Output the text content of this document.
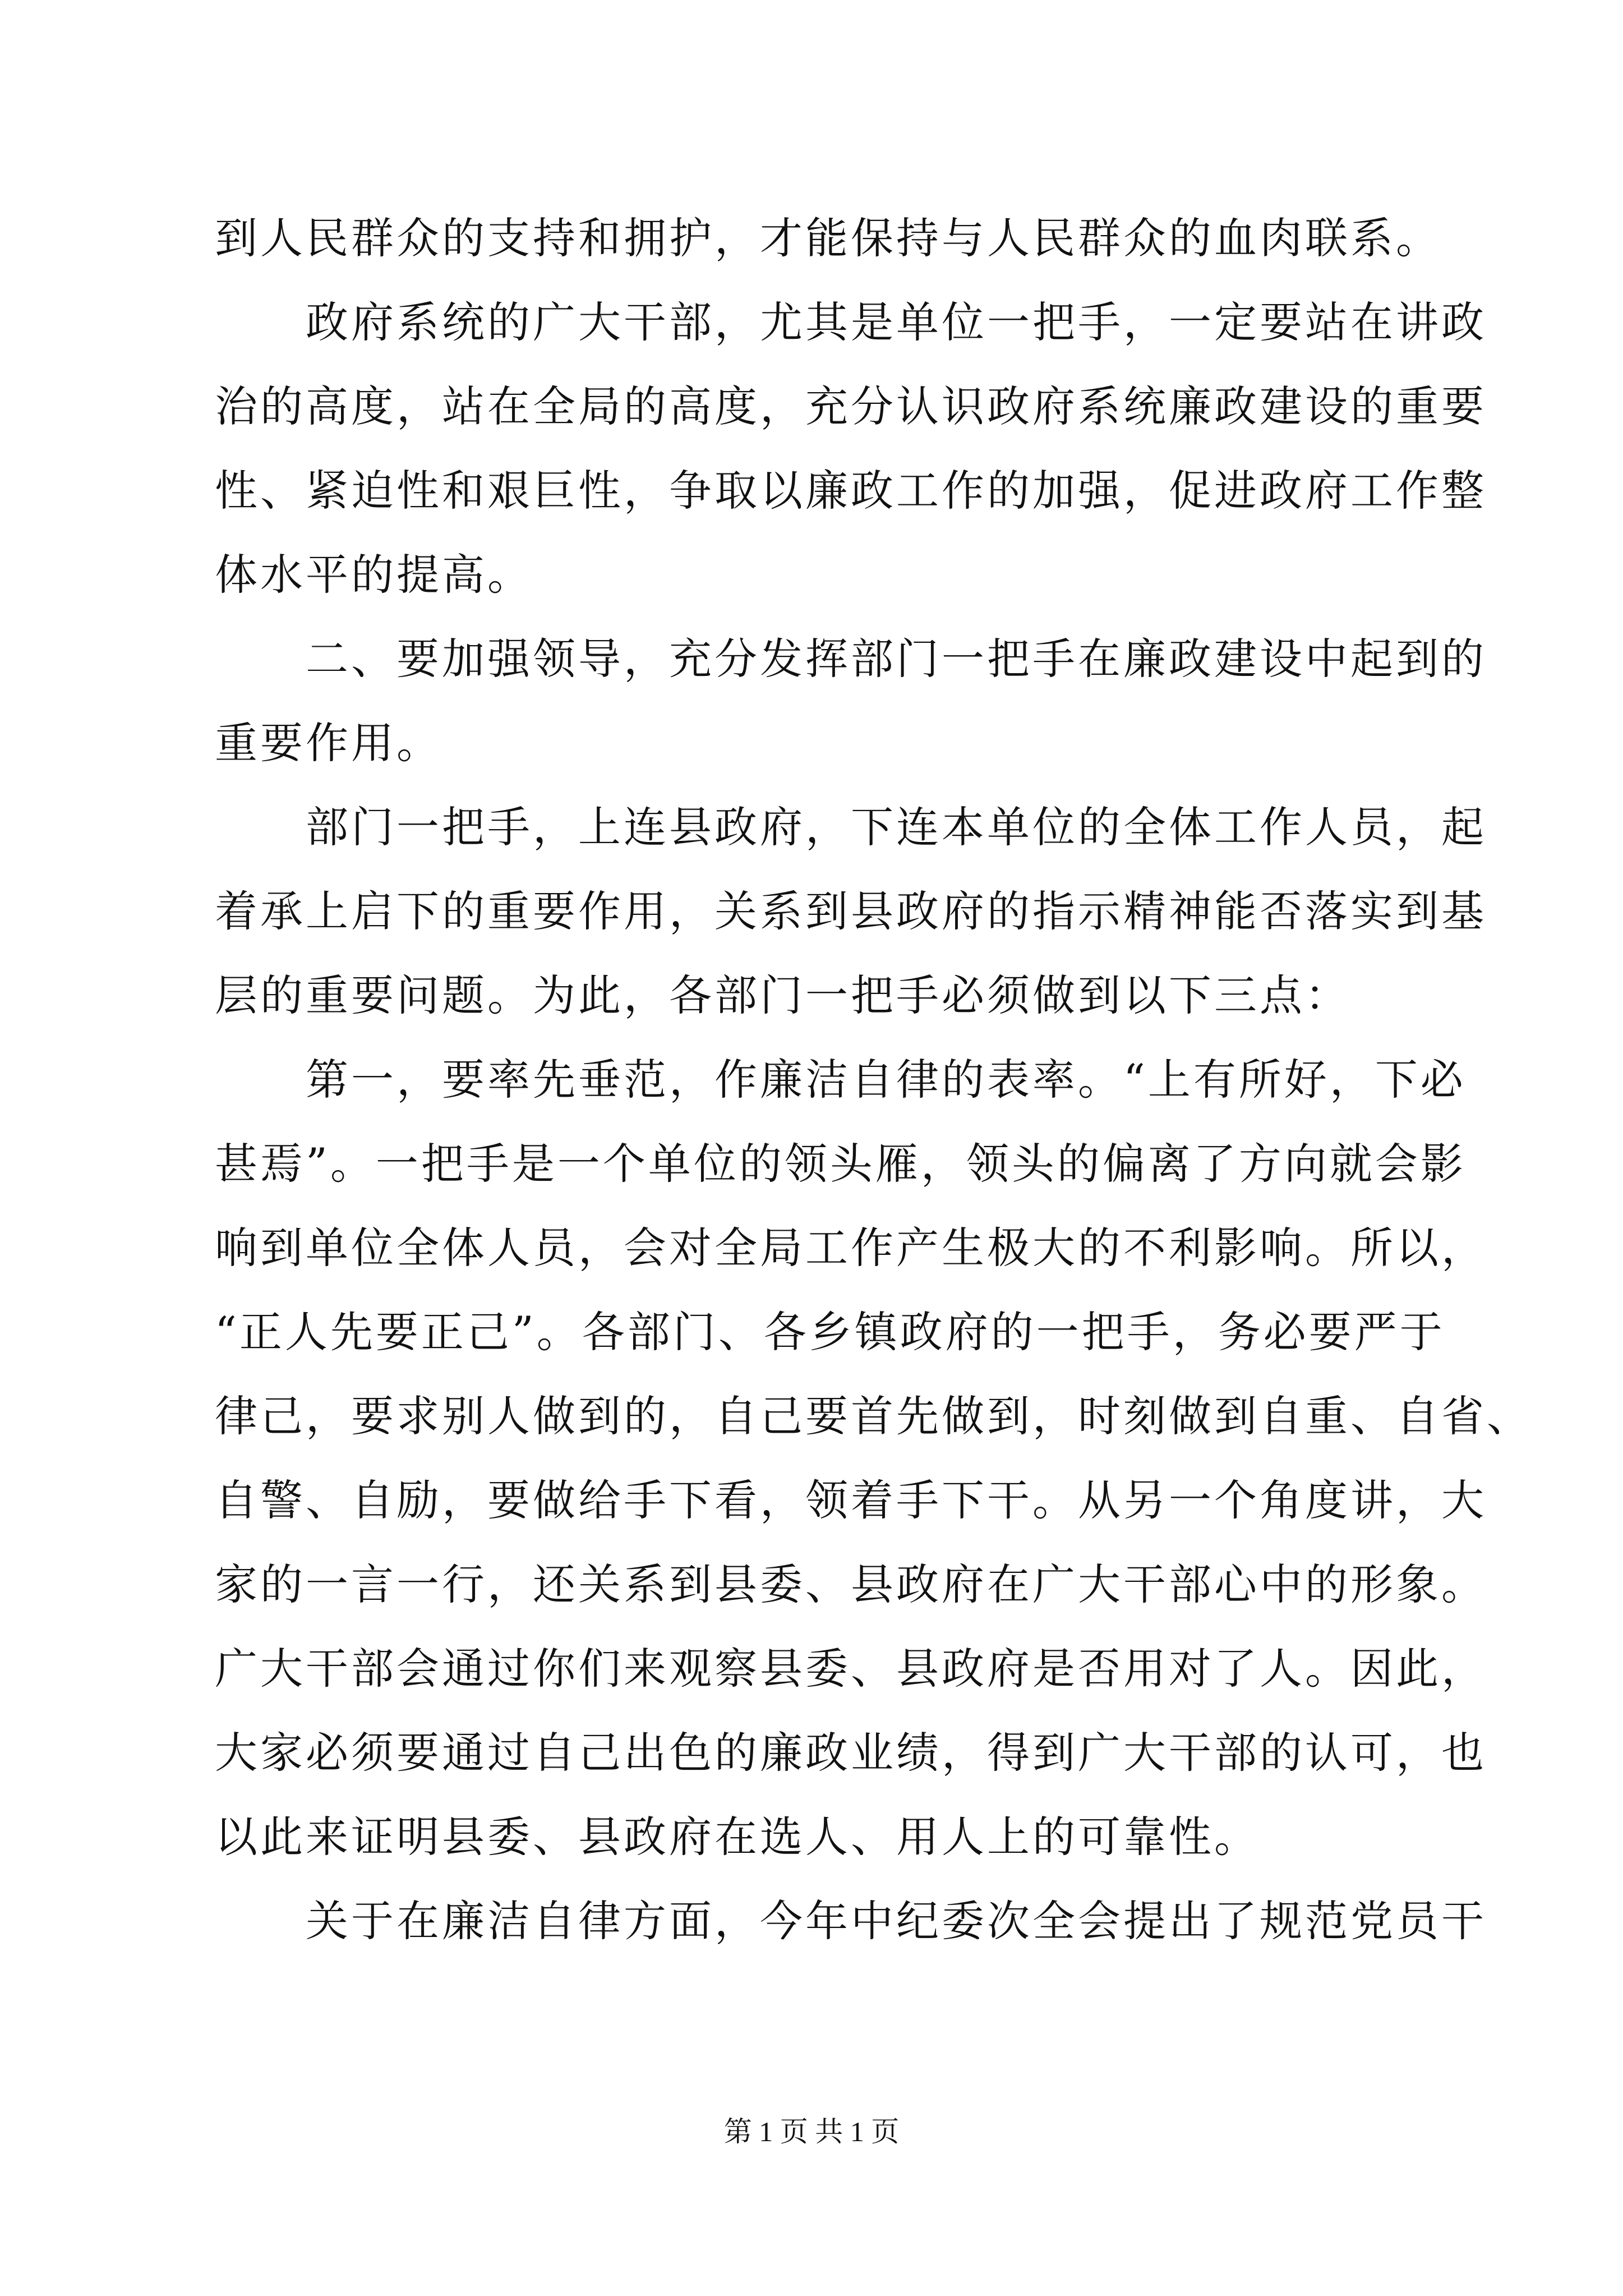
到人民群众的支持和拥护，才能保持与人民群众的血肉联系。
　　政府系统的广大干部，尤其是单位一把手，一定要站在讲政
治的高度，站在全局的高度，充分认识政府系统廉政建设的重要
性、紧迫性和艰巨性，争取以廉政工作的加强，促进政府工作整
体水平的提高。
　　二、要加强领导，充分发挥部门一把手在廉政建设中起到的
重要作用。
　　部门一把手，上连县政府，下连本单位的全体工作人员，起
着承上启下的重要作用，关系到县政府的指示精神能否落实到基
层的重要问题。为此，各部门一把手必须做到以下三点：
　　第一，要率先垂范，作廉洁自律的表率。“上有所好，下必
甚焉”。一把手是一个单位的领头雁，领头的偏离了方向就会影
响到单位全体人员，会对全局工作产生极大的不利影响。所以，
“正人先要正己”。各部门、各乡镇政府的一把手，务必要严于
律己，要求别人做到的，自己要首先做到，时刻做到自重、自省、
自警、自励，要做给手下看，领着手下干。从另一个角度讲，大
家的一言一行，还关系到县委、县政府在广大干部心中的形象。
广大干部会通过你们来观察县委、县政府是否用对了人。因此，
大家必须要通过自己出色的廉政业绩，得到广大干部的认可，也
以此来证明县委、县政府在选人、用人上的可靠性。
　　关于在廉洁自律方面，今年中纪委次全会提出了规范党员干
第 1 页 共 1 页
